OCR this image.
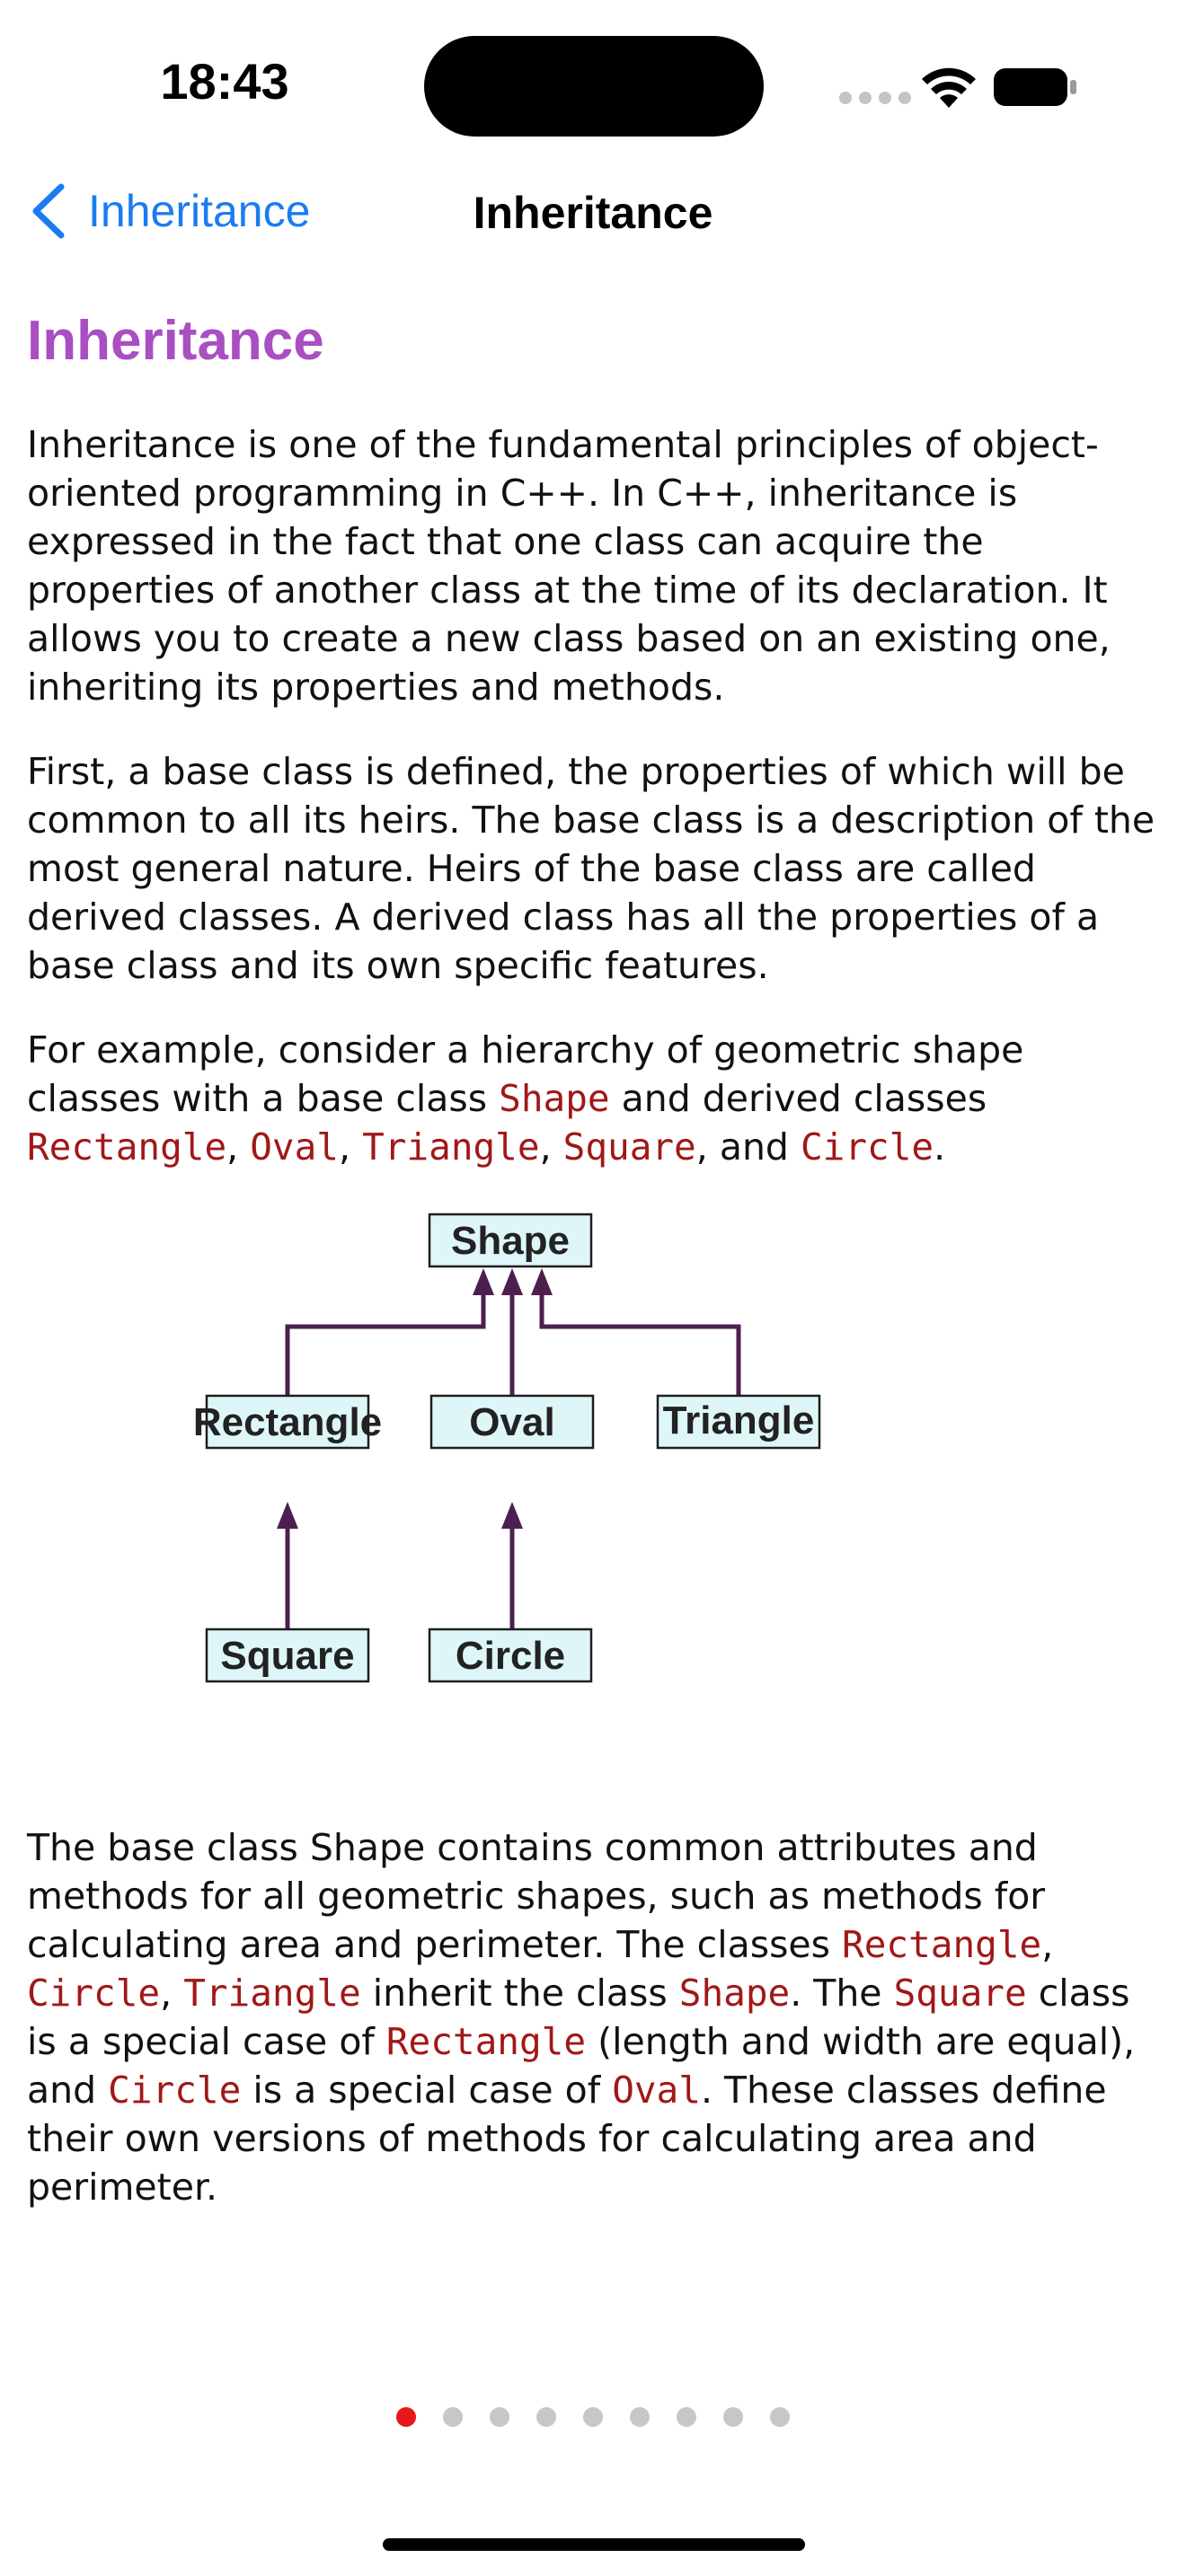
18:43
Inheritance	Inheritance
Inheritance

Inheritance is one of the fundamental principles of object-oriented programming in C++. In C++, inheritance is expressed in the fact that one class can acquire the properties of another class at the time of its declaration. It allows you to create a new class based on an existing one, inheriting its properties and methods.

First, a base class is defined, the properties of which will be common to all its heirs. The base class is a description of the most general nature. Heirs of the base class are called derived classes. A derived class has all the properties of a base class and its own specific features.

For example, consider a hierarchy of geometric shape classes with a base class Shape and derived classes Rectangle, Oval, Triangle, Square, and Circle.

Shape
Rectangle Oval	Triangle
Square	Circle

The base class Shape contains common attributes and methods for all geometric shapes, such as methods for calculating area and perimeter. The classes Rectangle, Circle, Triangle inherit the class Shape. The Square class is a special case of Rectangle (length and width are equal), and Circle is a special case of Oval. These classes define their own versions of methods for calculating area and perimeter.
